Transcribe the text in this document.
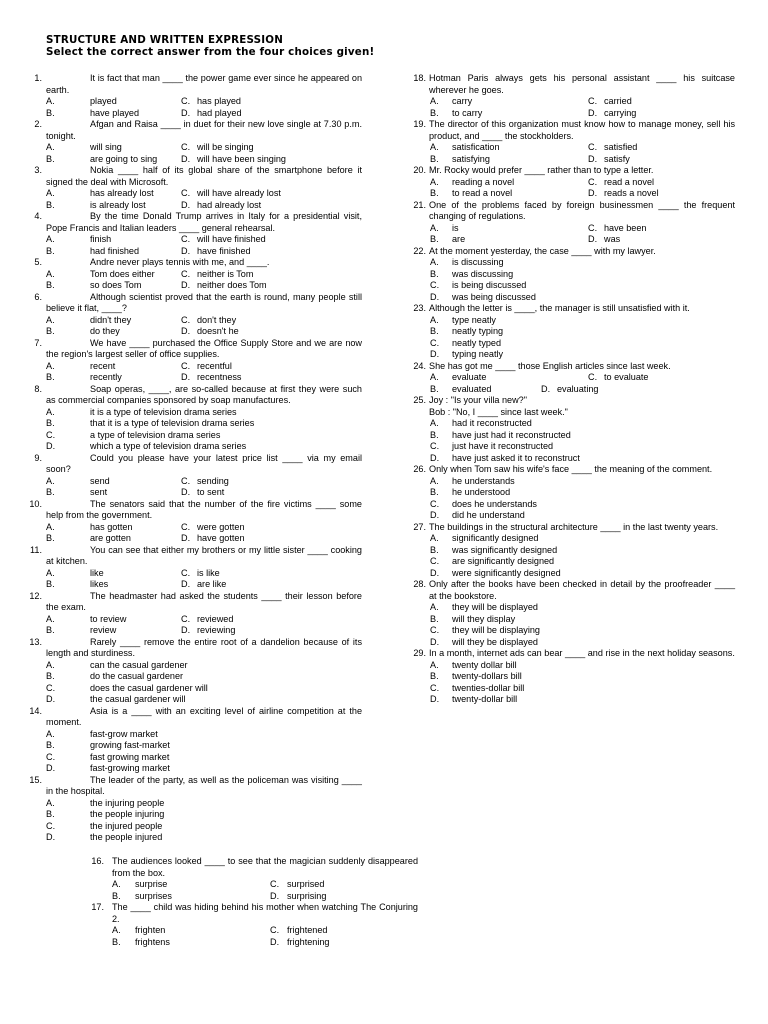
STRUCTURE AND WRITTEN EXPRESSION
Select the correct answer from the four choices given!
1.	It is fact that man ____ the power game ever since he appeared on earth.
A.	played	C. has played
B.	have played	D. had played
2.	Afgan and Raisa ____ in duet for their new love single at 7.30 p.m. tonight.
A.	will sing	C. will be singing
B.	are going to sing	D. will have been singing
3.	Nokia ____ half of its global share of the smartphone before it signed the deal with Microsoft.
A.	has already lost	C. will have already lost
B.	is already lost	D. had already lost
4.	By the time Donald Trump arrives in Italy for a presidential visit, Pope Francis and Italian leaders ____ general rehearsal.
A.	finish	C. will have finished
B.	had finished	D. have finished
5.	Andre never plays tennis with me, and ____.
A.	Tom does either	C. neither is Tom
B.	so does Tom	D. neither does Tom
6.	Although scientist proved that the earth is round, many people still believe it flat, ____?
A.	didn't they	C. don't they
B.	do they	D. doesn't he
7.	We have ____ purchased the Office Supply Store and we are now the region's largest seller of office supplies.
A.	recent	C. recentful
B.	recently	D. recentness
8.	Soap operas, ____, are so-called because at first they were such as commercial companies sponsored by soap manufactures.
A.	it is a type of television drama series
B.	that it is a type of television drama series
C.	a type of television drama series
D.	which a type of television drama series
9.	Could you please have your latest price list ____ via my email soon?
A.	send	C. sending
B.	sent	D. to sent
10.	The senators said that the number of the fire victims ____ some help from the government.
A.	has gotten	C. were gotten
B.	are gotten	D. have gotten
11.	You can see that either my brothers or my little sister ____ cooking at kitchen.
A.	like	C. is like
B.	likes	D. are like
12.	The headmaster had asked the students ____ their lesson before the exam.
A.	to review	C. reviewed
B.	review	D. reviewing
13.	Rarely ____ remove the entire root of a dandelion because of its length and sturdiness.
A.	can the casual gardener
B.	do the casual gardener
C.	does the casual gardener will
D.	the casual gardener will
14.	Asia is a ____ with an exciting level of airline competition at the moment.
A.	fast-grow market
B.	growing fast-market
C.	fast growing market
D.	fast-growing market
15.	The leader of the party, as well as the policeman was visiting ____ in the hospital.
A.	the injuring people
B.	the people injuring
C.	the injured people
D.	the people injured
18. Hotman Paris always gets his personal assistant ____ his suitcase wherever he goes.
A. carry	C. carried
B. to carry	D. carrying
19. The director of this organization must know how to manage money, sell his product, and ____ the stockholders.
A. satisfication	C. satisfied
B. satisfying	D. satisfy
20. Mr. Rocky would prefer ____ rather than to type a letter.
A. reading a novel	C. read a novel
B. to read a novel	D. reads a novel
21. One of the problems faced by foreign businessmen ____ the frequent changing of regulations.
A. is	C. have been
B. are	D. was
22. At the moment yesterday, the case ____ with my lawyer.
A. is discussing
B. was discussing
C. is being discussed
D. was being discussed
23. Although the letter is ____, the manager is still unsatisfied with it.
A. type neatly
B. neatly typing
C. neatly typed
D. typing neatly
24. She has got me ____ those English articles since last week.
A. evaluate	C. to evaluate
B. evaluated	D. evaluating
25. Joy : "Is your villa new?"
Bob : "No, I ____ since last week."
A. had it reconstructed
B. have just had it reconstructed
C. just have it reconstructed
D. have just asked it to reconstruct
26. Only when Tom saw his wife's face ____ the meaning of the comment.
A. he understands
B. he understood
C. does he understands
D. did he understand
27. The buildings in the structural architecture ____ in the last twenty years.
A. significantly designed
B. was significantly designed
C. are significantly designed
D. were significantly designed
28. Only after the books have been checked in detail by the proofreader ____ at the bookstore.
A. they will be displayed
B. will they display
C. they will be displaying
D. will they be displayed
29. In a month, internet ads can bear ____ and rise in the next holiday seasons.
A. twenty dollar bill
B. twenty-dollars bill
C. twenties-dollar bill
D. twenty-dollar bill
16. The audiences looked ____ to see that the magician suddenly disappeared from the box.
A. surprise	C. surprised
B. surprises	D. surprising
17. The ____ child was hiding behind his mother when watching The Conjuring 2.
A. frighten	C. frightened
B. frightens	D. frightening
